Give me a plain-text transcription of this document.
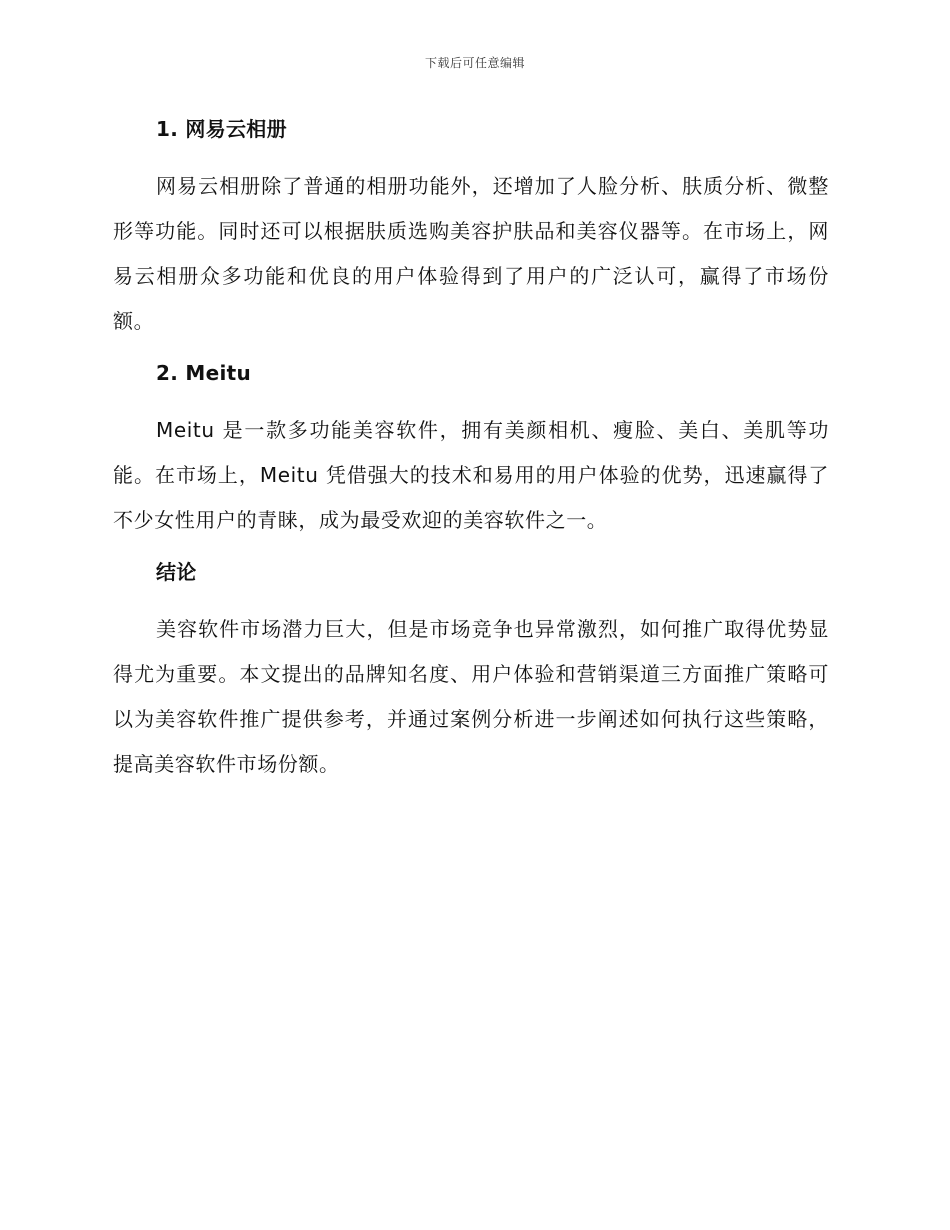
下载后可任意编辑
1. 网易云相册

网易云相册除了普通的相册功能外，还增加了人脸分析、肤质分析、微整形等功能。同时还可以根据肤质选购美容护肤品和美容仪器等。在市场上，网易云相册众多功能和优良的用户体验得到了用户的广泛认可，赢得了市场份额。

2. Meitu

Meitu 是一款多功能美容软件，拥有美颜相机、瘦脸、美白、美肌等功能。在市场上，Meitu 凭借强大的技术和易用的用户体验的优势，迅速赢得了不少女性用户的青睐，成为最受欢迎的美容软件之一。

结论

美容软件市场潜力巨大，但是市场竞争也异常激烈，如何推广取得优势显得尤为重要。本文提出的品牌知名度、用户体验和营销渠道三方面推广策略可以为美容软件推广提供参考，并通过案例分析进一步阐述如何执行这些策略，提高美容软件市场份额。
